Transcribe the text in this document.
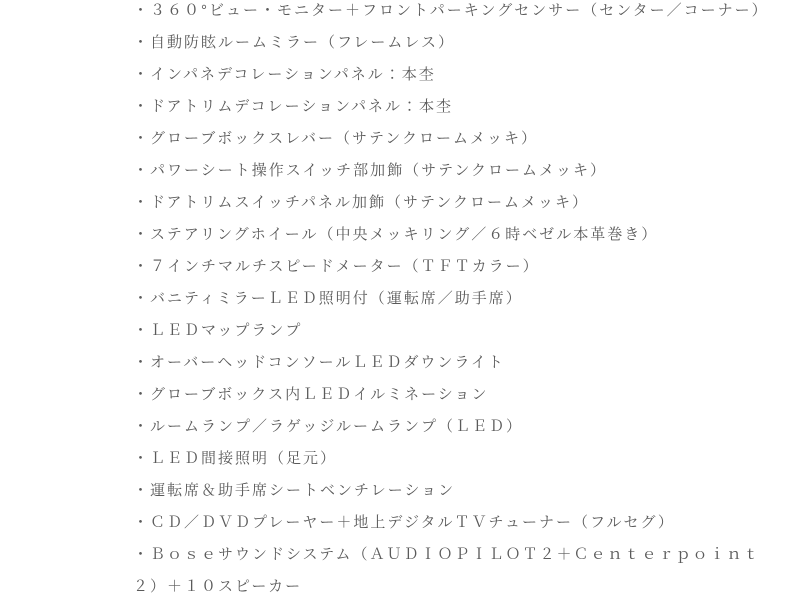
・３６０°ビュー・モニター＋フロントパーキングセンサー（センター／コーナー）
・自動防眩ルームミラー（フレームレス）
・インパネデコレーションパネル：本杢
・ドアトリムデコレーションパネル：本杢
・グローブボックスレバー（サテンクロームメッキ）
・パワーシート操作スイッチ部加飾（サテンクロームメッキ）
・ドアトリムスイッチパネル加飾（サテンクロームメッキ）
・ステアリングホイール（中央メッキリング／６時ベゼル本革巻き）
・７インチマルチスピードメーター（ＴＦＴカラー）
・バニティミラーＬＥＤ照明付（運転席／助手席）
・ＬＥＤマップランプ
・オーバーヘッドコンソールＬＥＤダウンライト
・グローブボックス内ＬＥＤイルミネーション
・ルームランプ／ラゲッジルームランプ（ＬＥＤ）
・ＬＥＤ間接照明（足元）
・運転席＆助手席シートベンチレーション
・ＣＤ／ＤＶＤプレーヤー＋地上デジタルＴＶチューナー（フルセグ）
・Ｂｏｓｅサウンドシステム（ＡＵＤＩＯＰＩＬＯＴ２＋Ｃｅｎｔｅｒｐｏｉｎｔ２）＋１０スピーカー
